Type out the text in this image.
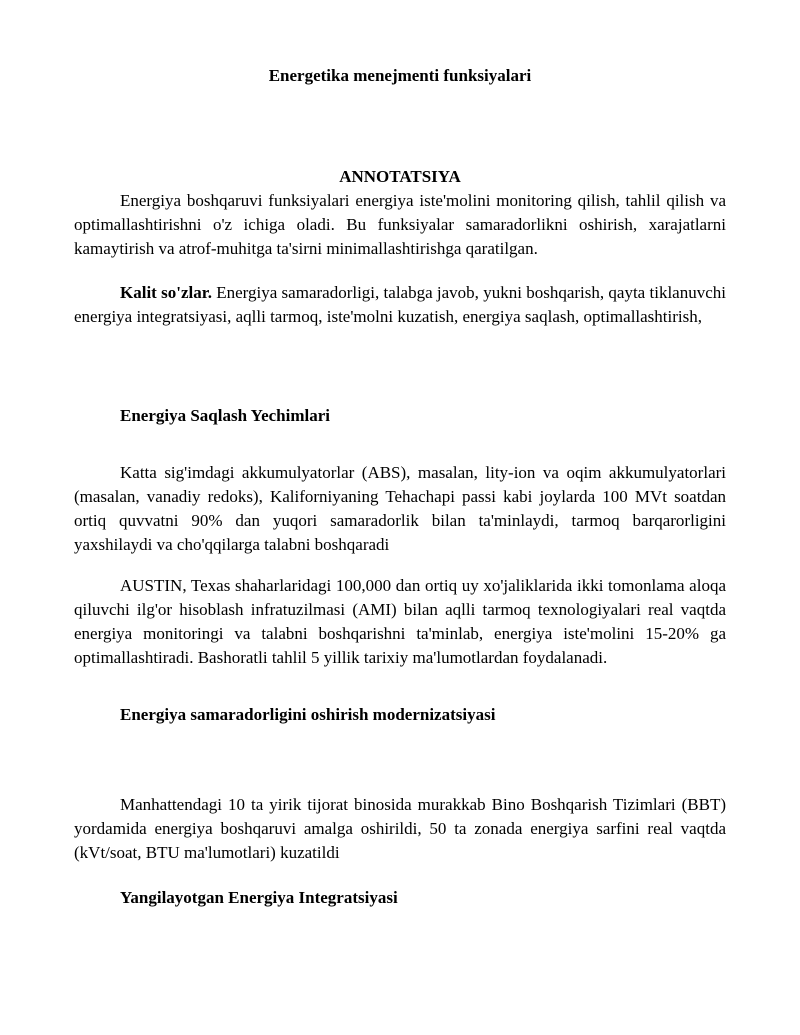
Energetika menejmenti funksiyalari
ANNOTATSIYA

Energiya boshqaruvi funksiyalari energiya iste'molini monitoring qilish, tahlil qilish va optimallashtirishni o'z ichiga oladi. Bu funksiyalar samaradorlikni oshirish, xarajatlarni kamaytirish va atrof-muhitga ta'sirni minimallashtirishga qaratilgan.

Kalit so'zlar. Energiya samaradorligi, talabga javob, yukni boshqarish, qayta tiklanuvchi energiya integratsiyasi, aqlli tarmoq, iste'molni kuzatish, energiya saqlash, optimallashtirish,

Energiya Saqlash Yechimlari

Katta sig'imdagi akkumulyatorlar (ABS), masalan, lity-ion va oqim akkumulyatorlari (masalan, vanadiy redoks), Kaliforniyaning Tehachapi passi kabi joylarda 100 MVt soatdan ortiq quvvatni 90% dan yuqori samaradorlik bilan ta'minlaydi, tarmoq barqarorligini yaxshilaydi va cho'qqilarga talabni boshqaradi

AUSTIN, Texas shaharlaridagi 100,000 dan ortiq uy xo'jaliklarida ikki tomonlama aloqa qiluvchi ilg'or hisoblash infratuzilmasi (AMI) bilan aqlli tarmoq texnologiyalari real vaqtda energiya monitoringi va talabni boshqarishni ta'minlab, energiya iste'molini 15-20% ga optimallashtiradi. Bashoratli tahlil 5 yillik tarixiy ma'lumotlardan foydalanadi.

Energiya samaradorligini oshirish modernizatsiyasi

Manhattendagi 10 ta yirik tijorat binosida murakkab Bino Boshqarish Tizimlari (BBT) yordamida energiya boshqaruvi amalga oshirildi, 50 ta zonada energiya sarfini real vaqtda (kVt/soat, BTU ma'lumotlari) kuzatildi

Yangilayotgan Energiya Integratsiyasi
